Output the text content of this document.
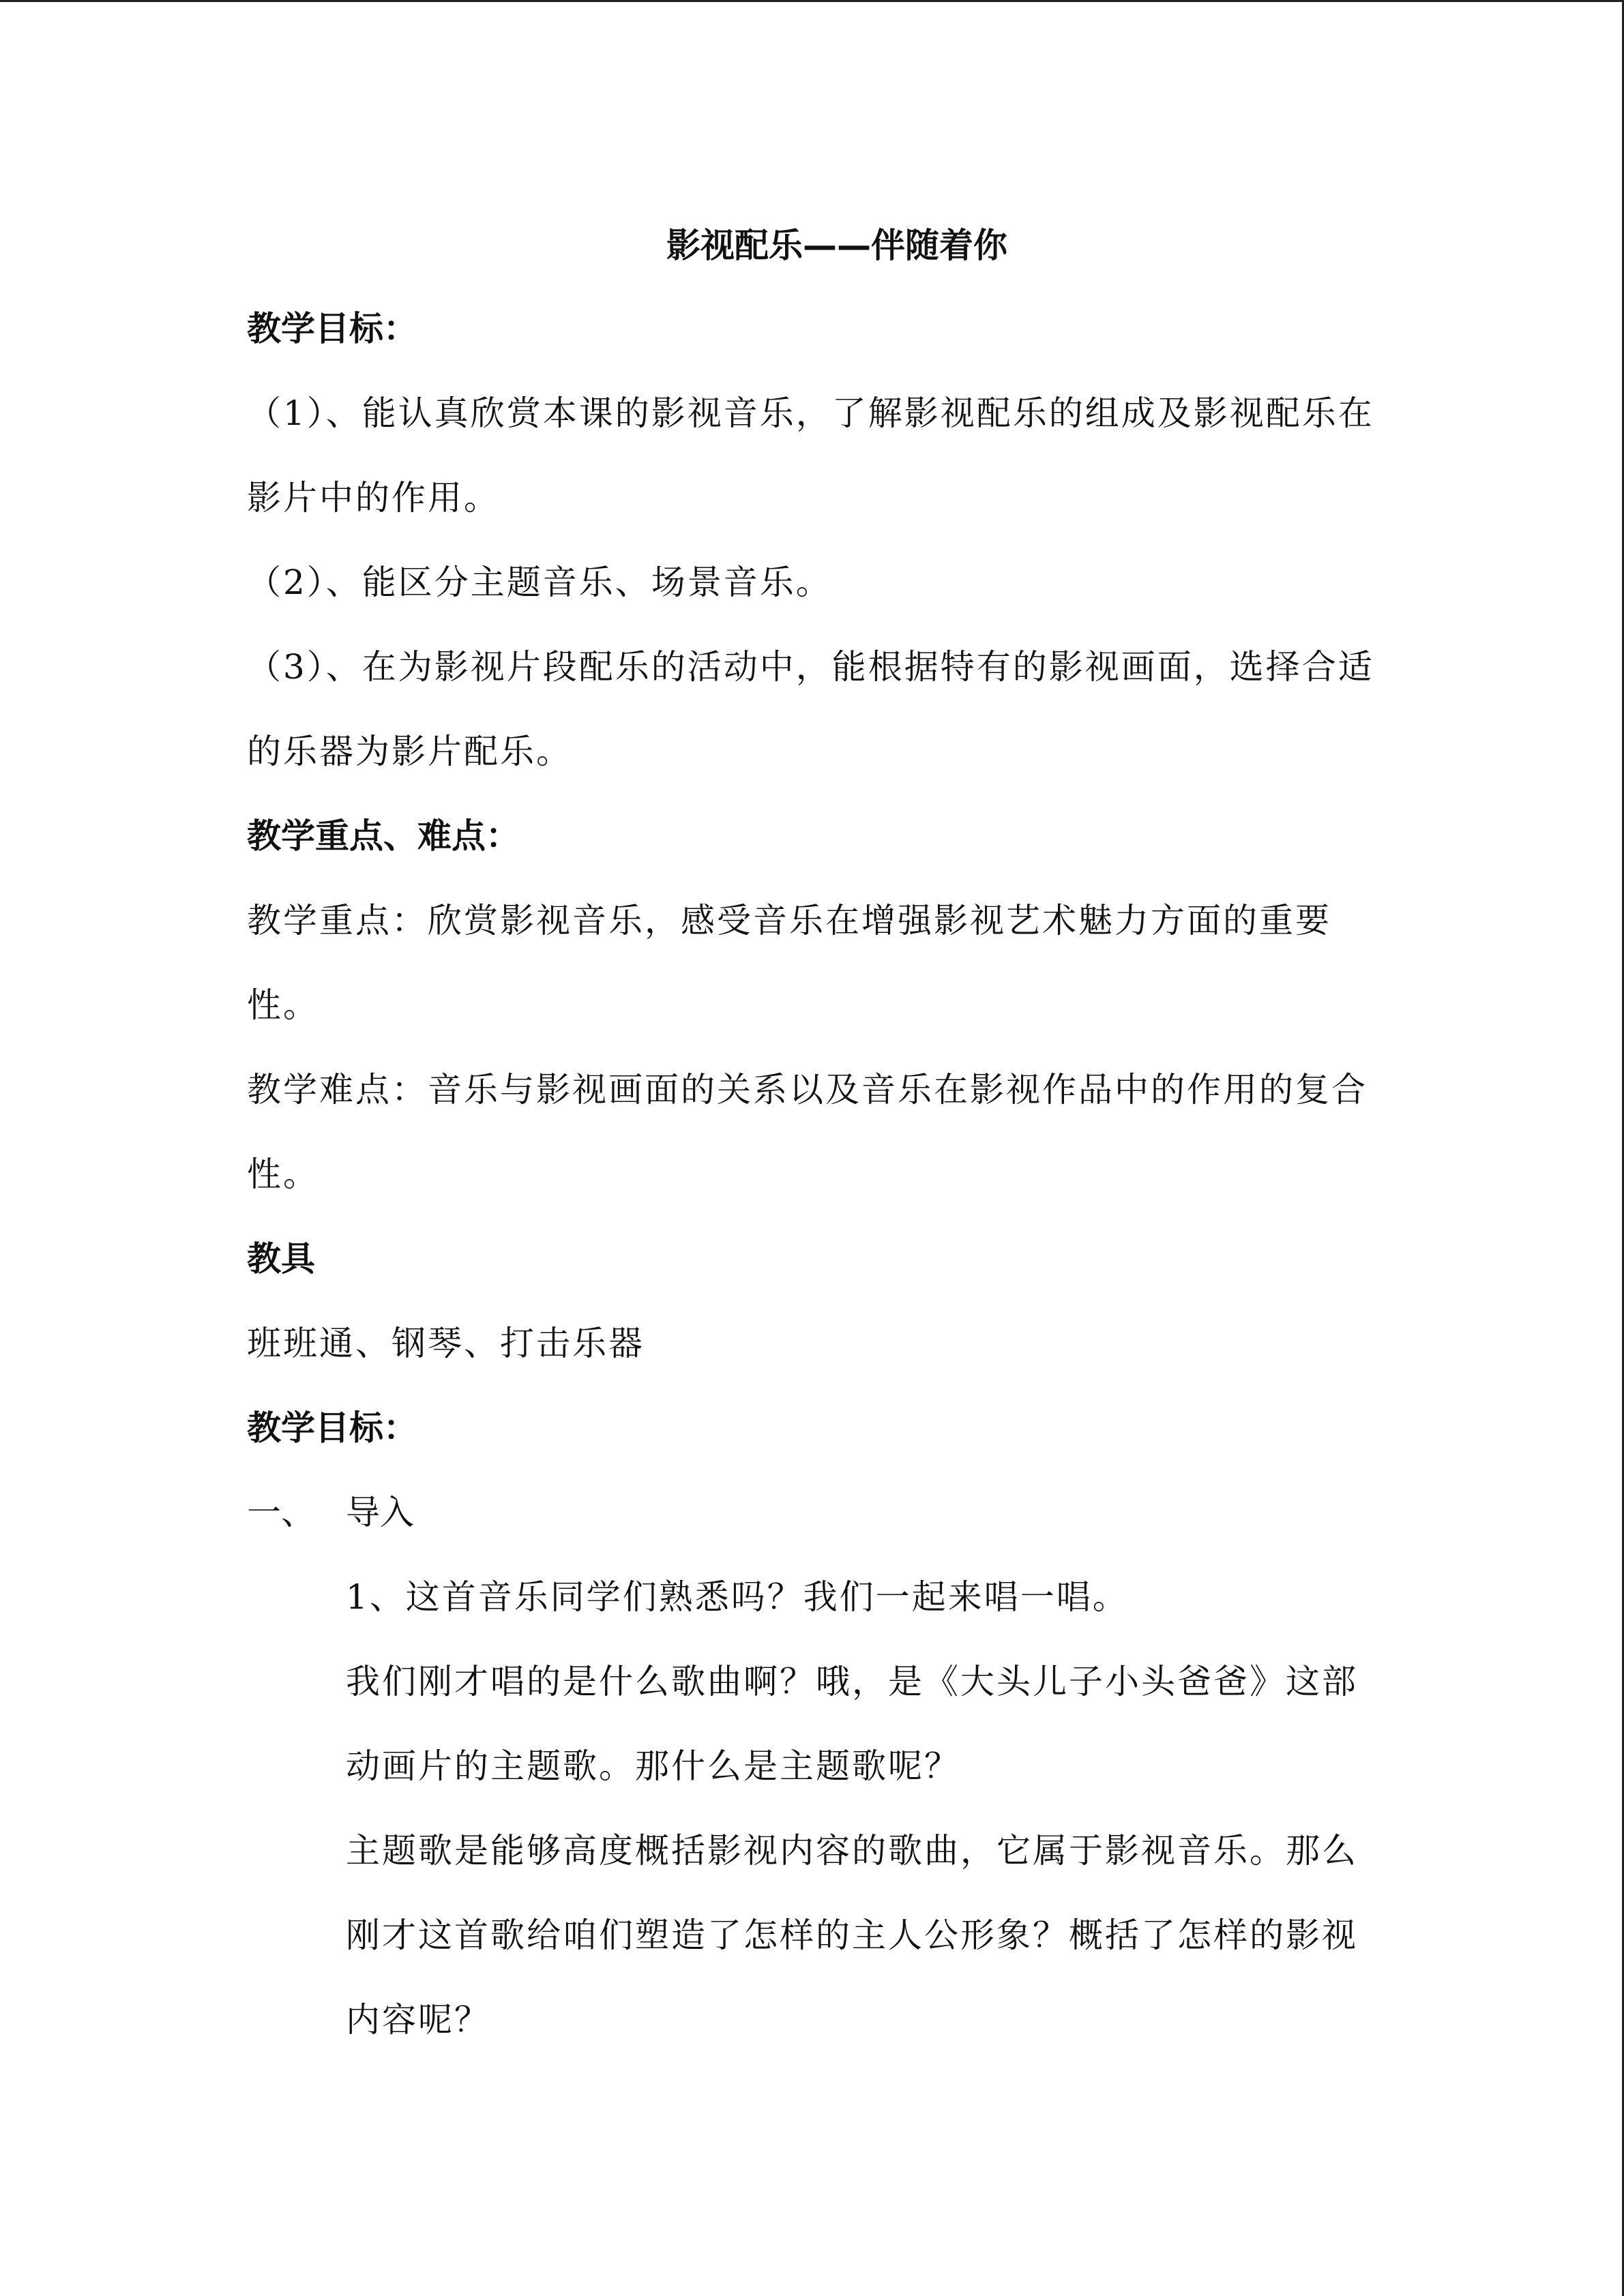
影视配乐——伴随着你

教学目标：

（1）、能认真欣赏本课的影视音乐，了解影视配乐的组成及影视配乐在影片中的作用。

（2）、能区分主题音乐、场景音乐。

（3）、在为影视片段配乐的活动中，能根据特有的影视画面，选择合适的乐器为影片配乐。

教学重点、难点：

教学重点：欣赏影视音乐，感受音乐在增强影视艺术魅力方面的重要性。

教学难点：音乐与影视画面的关系以及音乐在影视作品中的作用的复合性。

教具

班班通、钢琴、打击乐器

教学目标：

一、 导入

1、这首音乐同学们熟悉吗？我们一起来唱一唱。

我们刚才唱的是什么歌曲啊？哦，是《大头儿子小头爸爸》这部动画片的主题歌。那什么是主题歌呢？

主题歌是能够高度概括影视内容的歌曲，它属于影视音乐。那么刚才这首歌给咱们塑造了怎样的主人公形象？概括了怎样的影视内容呢？
